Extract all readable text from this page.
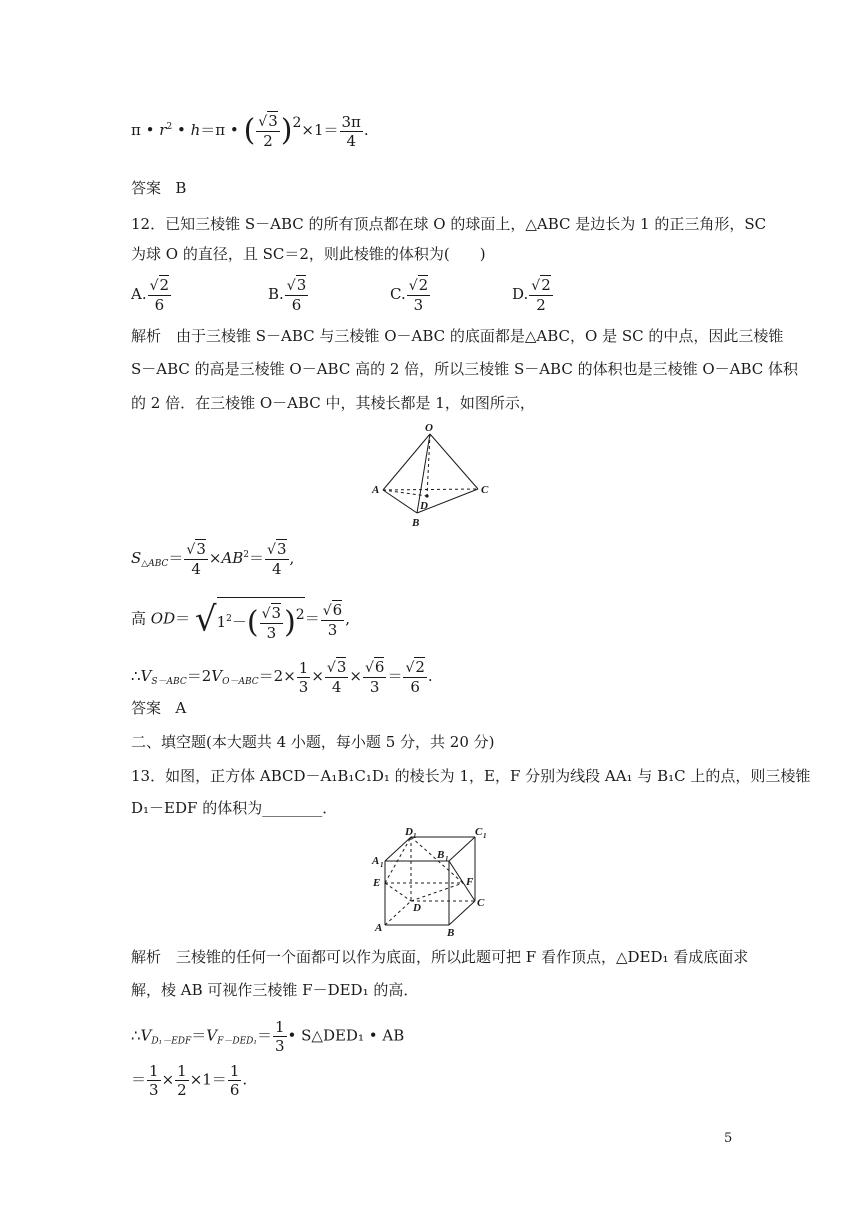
π • $r^2$ • h＝π • ( $\frac{√3}{2} )2\times 1= \frac{3\pi}{4}$ .
答案 B
12．已知三棱锥 S－ABC 的所有顶点都在球 O 的球面上，△ABC 是边长为 1 的正三角形，SC
为球 O 的直径，且 SC＝2，则此棱锥的体积为(　　)
A. $\frac{√2}{6}$	B. $\frac{√3}{6}$	C. $\frac{√2}{3}$	D. $\frac{√2}{2}$
解析　由于三棱锥 S－ABC 与三棱锥 O－ABC 的底面都是△ABC，O 是 SC 的中点，因此三棱锥
S－ABC 的高是三棱锥 O－ABC 高的 2 倍，所以三棱锥 S－ABC 的体积也是三棱锥 O－ABC 体积
的 2 倍．在三棱锥 O－ABC 中，其棱长都是 1，如图所示，
O
A	C
B
D
$S_{\triangle ABC}= \frac{√3}{4} \times AB^2= \frac{√3}{4}$ ,
高 $OD= √1^2-( \frac{√3}{3} )2= \frac{√6}{3}$ ,
$\therefore V_{S-ABC}=2V_{O-ABC}=2\times \frac{1}{3} \times \frac{√3}{4} \times \frac{√6}{3} = \frac{√2}{6}$ .
答案 A
二、填空题(本大题共 4 小题，每小题 5 分，共 20 分)
13．如图，正方体 ABCD－A₁B₁C₁D₁ 的棱长为 1，E，F 分别为线段 AA₁ 与 B₁C 上的点，则三棱锥
D₁－EDF 的体积为________．
D 1	C 1
A 1
B 1
E	F
D	C
A	B
解析　三棱锥的任何一个面都可以作为底面，所以此题可把 F 看作顶点，△DED₁ 看成底面求
解，棱 AB 可视作三棱锥 F－DED₁ 的高．
$\therefore V_{D_1-EDF}=V_{F-DED_1}= \frac{1}{3}$ • S△DED₁ • AB
＝ $\frac{1}{3} \times \frac{1}{2} \times 1= \frac{1}{6}$ .
5
